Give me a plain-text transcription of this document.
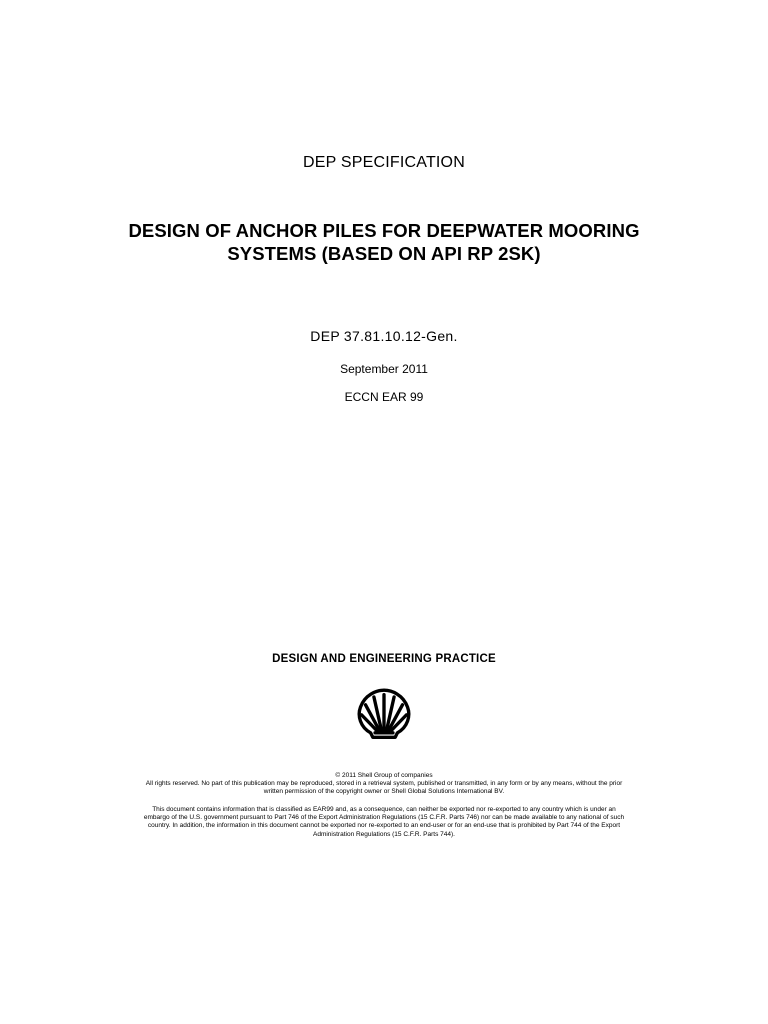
DEP SPECIFICATION
DESIGN OF ANCHOR PILES FOR DEEPWATER MOORING
SYSTEMS (BASED ON API RP 2SK)
DEP 37.81.10.12-Gen.
September 2011
ECCN EAR 99
DESIGN AND ENGINEERING PRACTICE
© 2011 Shell Group of companies
All rights reserved. No part of this publication may be reproduced, stored in a retrieval system, published or transmitted, in any form or by any means, without the prior
written permission of the copyright owner or Shell Global Solutions International BV.
This document contains information that is classified as EAR99 and, as a consequence, can neither be exported nor re-exported to any country which is under an
embargo of the U.S. government pursuant to Part 746 of the Export Administration Regulations (15 C.F.R. Parts 746) nor can be made available to any national of such
country. In addition, the information in this document cannot be exported nor re-exported to an end-user or for an end-use that is prohibited by Part 744 of the Export
Administration Regulations (15 C.F.R. Parts 744).
